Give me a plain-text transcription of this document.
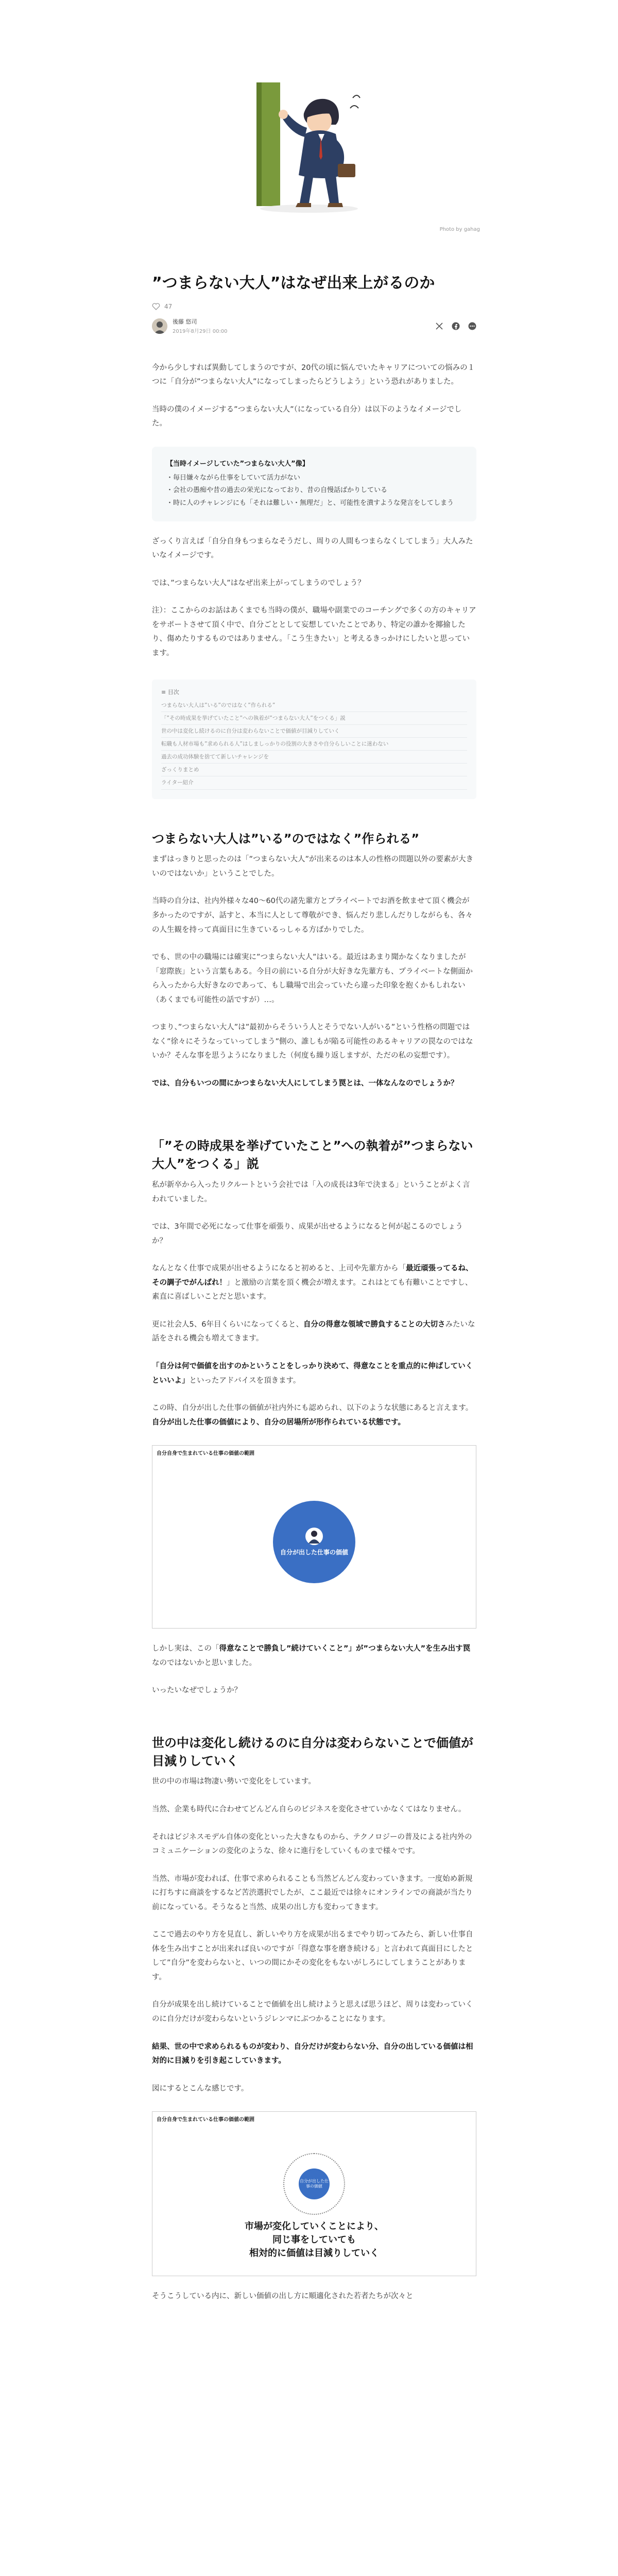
Photo by gahag
”つまらない大人”はなぜ出来上がるのか
47
後藤 悠司
2019年8月29日 00:00

今から少しすれば異動してしまうのですが、20代の頃に悩んでいたキャリアについての悩みの１つに「自分が”つまらない大人”になってしまったらどうしよう」という恐れがありました。

当時の僕のイメージする”つまらない大人”（になっている自分）は以下のようなイメージでした。

【当時イメージしていた”つまらない大人”像】
・ 毎日嫌々ながら仕事をしていて活力がない
・ 会社の愚痴や昔の過去の栄光になっており、昔の自慢話ばかりしている
・ 時に人のチャレンジにも「それは難しい・無理だ」と、可能性を潰すような発言をしてしまう

ざっくり言えば「自分自身もつまらなそうだし、周りの人間もつまらなくしてしまう」大人みたいなイメージです。

では、”つまらない大人”はなぜ出来上がってしまうのでしょう？

注）：ここからのお話はあくまでも当時の僕が、職場や副業でのコーチングで多くの方のキャリアをサポートさせて頂く中で、自分ごととして妄想していたことであり、特定の誰かを揶揄したり、傷めたりするものではありません。「こう生きたい」と考えるきっかけにしたいと思っています。

≡ 目次
つまらない大人は”いる”のではなく”作られる”
「”その時成果を挙げていたこと”への執着が”つまらない大人”をつくる」説
世の中は変化し続けるのに自分は変わらないことで価値が目減りしていく
転職も人材市場も”求められる人”はしましっかりの役割の大きさや自分らしいことに迷わない
過去の成功体験を捨てて新しいチャレンジを
ざっくりまとめ
ライター紹介
つまらない大人は”いる”のではなく”作られる”

まずはっきりと思ったのは「”つまらない大人”が出来るのは本人の性格の問題以外の要素が大きいのではないか」ということでした。

当時の自分は、社内外様々な40〜60代の諸先輩方とプライベートでお酒を飲ませて頂く機会が多かったのですが、話すと、本当に人として尊敬ができ、悩んだり悲しんだりしながらも、各々の人生観を持って真面目に生きているっしゃる方ばかりでした。

でも、世の中の職場には確実に”つまらない大人”はいる。最近はあまり聞かなくなりましたが「窓際族」という言葉もある。今目の前にいる自分が大好きな先輩方も、プライベートな側面から入ったから大好きなのであって、もし職場で出会っていたら違った印象を抱くかもしれない（あくまでも可能性の話ですが）…。

つまり、”つまらない大人”は”最初からそういう人とそうでない人がいる”という性格の問題ではなく”徐々にそうなっていってしまう”側の、誰しもが陥る可能性のあるキャリアの罠なのではないか？そんな事を思うようになりました（何度も繰り返しますが、ただの私の妄想です）。

では、自分もいつの間にかつまらない大人にしてしまう罠とは、一体なんなのでしょうか？

「”その時成果を挙げていたこと”への執着が”つまらない大人”をつくる」説

私が新卒から入ったリクルートという会社では「入の成長は3年で決まる」ということがよく言われていました。

では、3年間で必死になって仕事を頑張り、成果が出せるようになると何が起こるのでしょうか？

なんとなく仕事で成果が出せるようになると初めると、上司や先輩方から「最近頑張ってるね、その調子でがんばれ！」と激励の言葉を頂く機会が増えます。これはとても有難いことですし、素直に喜ばしいことだと思います。

更に社会人5、6年目くらいになってくると、自分の得意な領域で勝負することの大切さみたいな話をされる機会も増えてきます。

「自分は何で価値を出すのかということをしっかり決めて、得意なことを重点的に伸ばしていくといいよ」といったアドバイスを頂きます。

この時、自分が出した仕事の価値が社内外にも認められ、以下のような状態にあると言えます。自分が出した仕事の価値により、自分の居場所が形作られている状態です。

自分自身で生まれている仕事の価値の範囲
自分が出した仕事の価値

しかし実は、この「得意なことで勝負し”続けていくこと”」が”つまらない大人”を生み出す罠なのではないかと思いました。

いったいなぜでしょうか？

世の中は変化し続けるのに自分は変わらないことで価値が目減りしていく

世の中の市場は物凄い勢いで変化をしています。

当然、企業も時代に合わせてどんどん自らのビジネスを変化させていかなくてはなりません。

それはビジネスモデル自体の変化といった大きなものから、テクノロジーの普及による社内外のコミュニケーションの変化のような、徐々に進行をしていくものまで様々です。

当然、市場が変われば、仕事で求められることも当然どんどん変わっていきます。一度始め新規に打ちすに商談をするなど苦渋選択でしたが、ここ最近では徐々にオンラインでの商談が当たり前になっている。そうなると当然、成果の出し方も変わってきます。

ここで過去のやり方を見直し、新しいやり方を成果が出るまでやり切ってみたら、新しい仕事自体を生み出すことが出来れば良いのですが「得意な事を磨き続ける」と言われて真面目にしたとして”自分”を変わらないと、いつの間にかその変化をもないがしろにしてしまうことがあります。

自分が成果を出し続けていることで価値を出し続けようと思えば思うほど、周りは変わっていくのに自分だけが変わらないというジレンマにぶつかることになります。

結果、世の中で求められるものが変わり、自分だけが変わらない分、自分の出している価値は相対的に目減りを引き起こしていきます。

図にするとこんな感じです。

自分自身で生まれている仕事の価値の範囲
自分が出した仕事の価値
市場が変化していくことにより、
同じ事をしていても
相対的に価値は目減りしていく

そうこうしている内に、新しい価値の出し方に順適化された若者たちが次々と
